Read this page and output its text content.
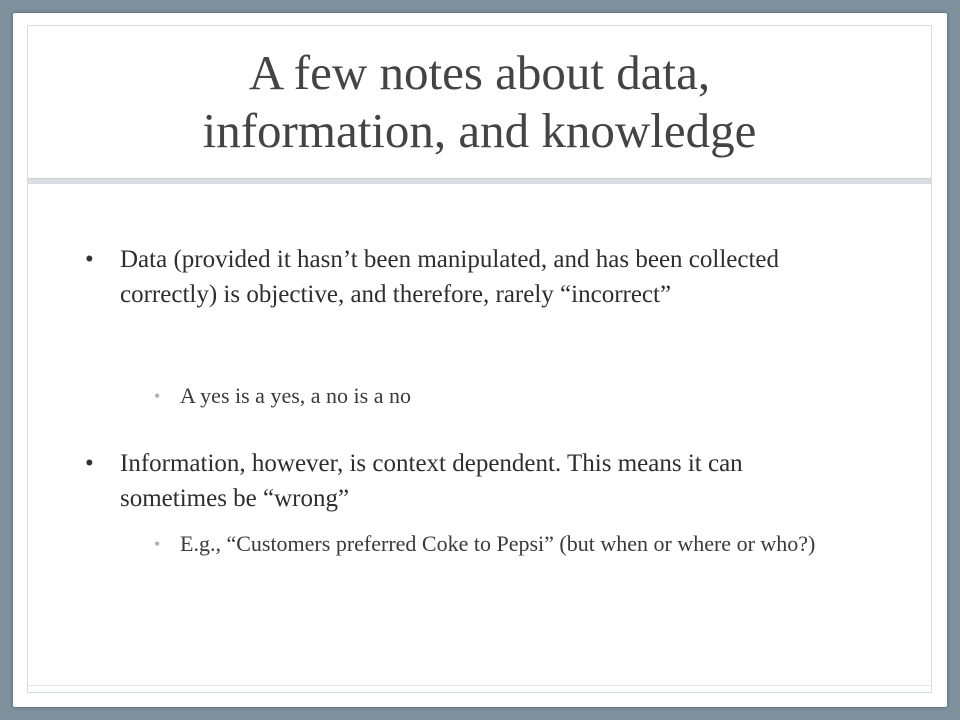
A few notes about data,
information, and knowledge
• Data (provided it hasn’t been manipulated, and has been collected correctly) is objective, and therefore, rarely “incorrect”
• A yes is a yes, a no is a no
• Information, however, is context dependent. This means it can sometimes be “wrong”
• E.g., “Customers preferred Coke to Pepsi” (but when or where or who?)
